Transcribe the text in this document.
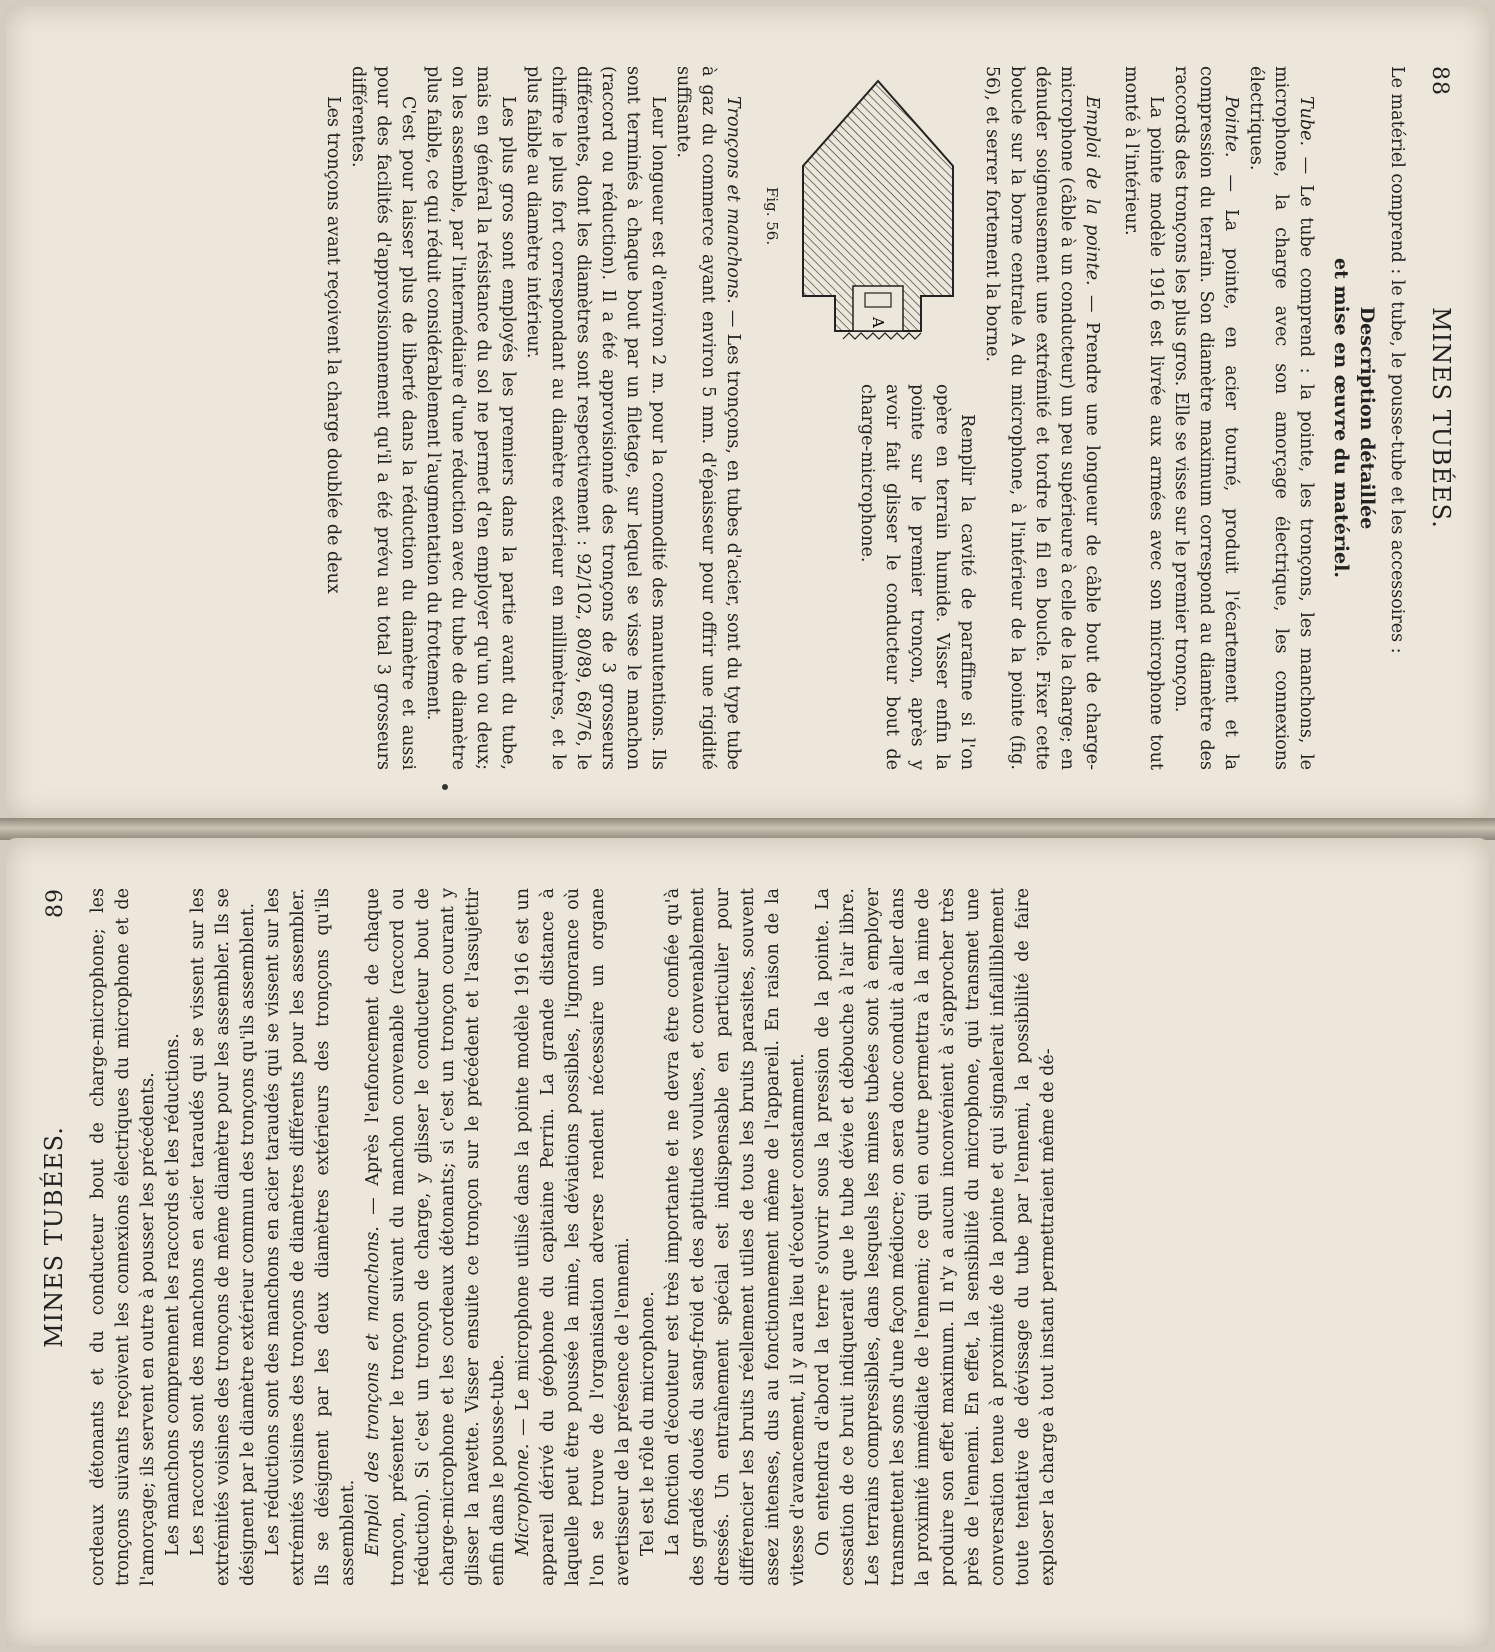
88
MINES TUBÉES.

Le matériel comprend : le tube, le pousse-tube et les accessoires :

Description détaillée
et mise en œuvre du matériel.

Tube. — Le tube comprend : la pointe, les tronçons, les manchons, le microphone, la charge avec son amorçage électrique, les connexions électriques.

Pointe. — La pointe, en acier tourné, produit l'écartement et la compression du terrain. Son diamètre maximum correspond au diamètre des raccords des tronçons les plus gros. Elle se visse sur le premier tronçon.

La pointe modèle 1916 est livrée aux armées avec son microphone tout monté à l'intérieur.

Emploi de la pointe. — Prendre une longueur de câble bout de charge-microphone (câble à un conducteur) un peu supérieure à celle de la charge; en dénuder soigneusement une extrémité et tordre le fil en boucle. Fixer cette boucle sur la borne centrale A du microphone, à l'intérieur de la pointe (fig. 56), et serrer fortement la borne.

A
Fig. 56.

Remplir la cavité de paraffine si l'on opère en terrain humide. Visser enfin la pointe sur le premier tronçon, après y avoir fait glisser le conducteur bout de charge-microphone.

Tronçons et manchons. — Les tronçons, en tubes d'acier, sont du type tube à gaz du commerce ayant environ 5 mm. d'épaisseur pour offrir une rigidité suffisante.

Leur longueur est d'environ 2 m. pour la commodité des manutentions. Ils sont terminés à chaque bout par un filetage, sur lequel se visse le manchon (raccord ou réduction). Il a été approvisionné des tronçons de 3 grosseurs différentes, dont les diamètres sont respectivement : 92/102, 80/89, 68/76, le chiffre le plus fort correspondant au diamètre extérieur en millimètres, et le plus faible au diamètre intérieur.

Les plus gros sont employés les premiers dans la partie avant du tube, mais en général la résistance du sol ne permet d'en employer qu'un ou deux; on les assemble, par l'intermédiaire d'une réduction avec du tube de diamètre plus faible, ce qui réduit considérablement l'augmentation du frottement.

C'est pour laisser plus de liberté dans la réduction du diamètre et aussi pour des facilités d'approvisionnement qu'il a été prévu au total 3 grosseurs différentes.

Les tronçons avant reçoivent la charge doublée de deux

MINES TUBÉES.
89 cordeaux détonants et du conducteur bout de charge-microphone; les tronçons suivants reçoivent les connexions électriques du microphone et de l'amorçage; ils servent en outre à pousser les précédents. Les manchons comprennent les raccords et les réductions. Les raccords sont des manchons en acier taraudés qui se vissent sur les extrémités voisines des tronçons de même diamètre pour les assembler. Ils se désignent par le diamètre extérieur commun des tronçons qu'ils assemblent. Les réductions sont des manchons en acier taraudés qui se vissent sur les extrémités voisines des tronçons de diamètres différents pour les assembler. Ils se désignent par les deux diamètres extérieurs des tronçons qu'ils assemblent. Emploi des tronçons et manchons. — Après l'enfoncement de chaque tronçon, présenter le tronçon suivant du manchon convenable (raccord ou réduction). Si c'est un tronçon de charge, y glisser le conducteur bout de charge-microphone et les cordeaux détonants; si c'est un tronçon courant y glisser la navette. Visser ensuite ce tronçon sur le précédent et l'assujettir enfin dans le pousse-tube. Microphone. — Le microphone utilisé dans la pointe modèle 1916 est un appareil dérivé du géophone du capitaine Perrin. La grande distance à laquelle peut être poussée la mine, les déviations possibles, l'ignorance où l'on se trouve de l'organisation adverse rendent nécessaire un organe avertisseur de la présence de l'ennemi. Tel est le rôle du microphone. La fonction d'écouteur est très importante et ne devra être confiée qu'à des gradés doués du sang-froid et des aptitudes voulues, et convenablement dressés. Un entraînement spécial est indispensable en particulier pour différencier les bruits réellement utiles de tous les bruits parasites, souvent assez intenses, dus au fonctionnement même de l'appareil. En raison de la vitesse d'avancement, il y aura lieu d'écouter constamment. On entendra d'abord la terre s'ouvrir sous la pression de la pointe. La cessation de ce bruit indiquerait que le tube dévie et débouche à l'air libre. Les terrains compressibles, dans lesquels les mines tubées sont à employer transmettent les sons d'une façon médiocre; on sera donc conduit à aller dans la proximité immédiate de l'ennemi; ce qui en outre permettra à la mine de produire son effet maximum. Il n'y a aucun inconvénient à s'approcher très près de l'ennemi. En effet, la sensibilité du microphone, qui transmet une conversation tenue à proximité de la pointe et qui signalerait infailliblement toute tentative de dévissage du tube par l'ennemi, la possibilité de faire exploser la charge à tout instant permettraient même de dé-
